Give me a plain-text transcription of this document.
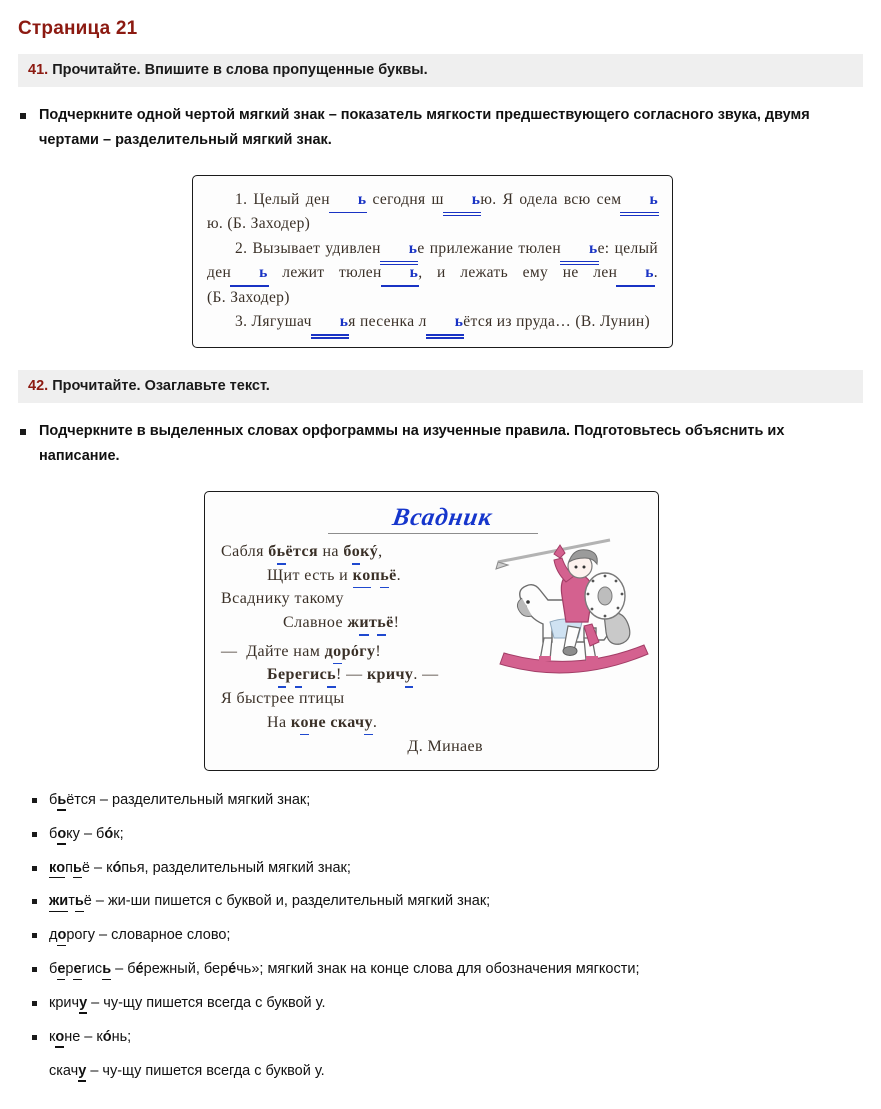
Страница 21
41. Прочитайте. Впишите в слова пропущенные буквы.
Подчеркните одной чертой мягкий знак – показатель мягкости предшествующего согласного звука, двумя чертами – разделительный мягкий знак.

1. Целый ден ь сегодня ш ью. Я одела всю сем ью. (Б. Заходер)

2. Вызывает удивлен ье прилежание тюлен ье: целый ден ь лежит тюлен ь, и лежать ему не лен ь. (Б. Заходер)

3. Лягушач ья песенка л ьётся из пруда… (В. Лунин)

42. Прочитайте. Озаглавьте текст.
Подчеркните в выделенных словах орфограммы на изученные правила. Подготовьтесь объяснить их написание.
Всадник
Сабля бьётся на бокý,
Щит есть и копьё.
Всаднику такому
Славное житьё!
—  Дайте нам дорóгу!
Берегись! — кричу. —
Я быстрее птицы
На коне скачу.
Д. Минаев
бьётся – разделительный мягкий знак;
боку – бóк;
копьё – кóпья, разделительный мягкий знак;
житьё – жи-ши пишется с буквой и, разделительный мягкий знак;
дорогу – словарное слово;
берегись – бéрежный, берéчь»; мягкий знак на конце слова для обозначения мягкости;
кричу – чу-щу пишется всегда с буквой у.
коне – кóнь;
скачу – чу-щу пишется всегда с буквой у.
